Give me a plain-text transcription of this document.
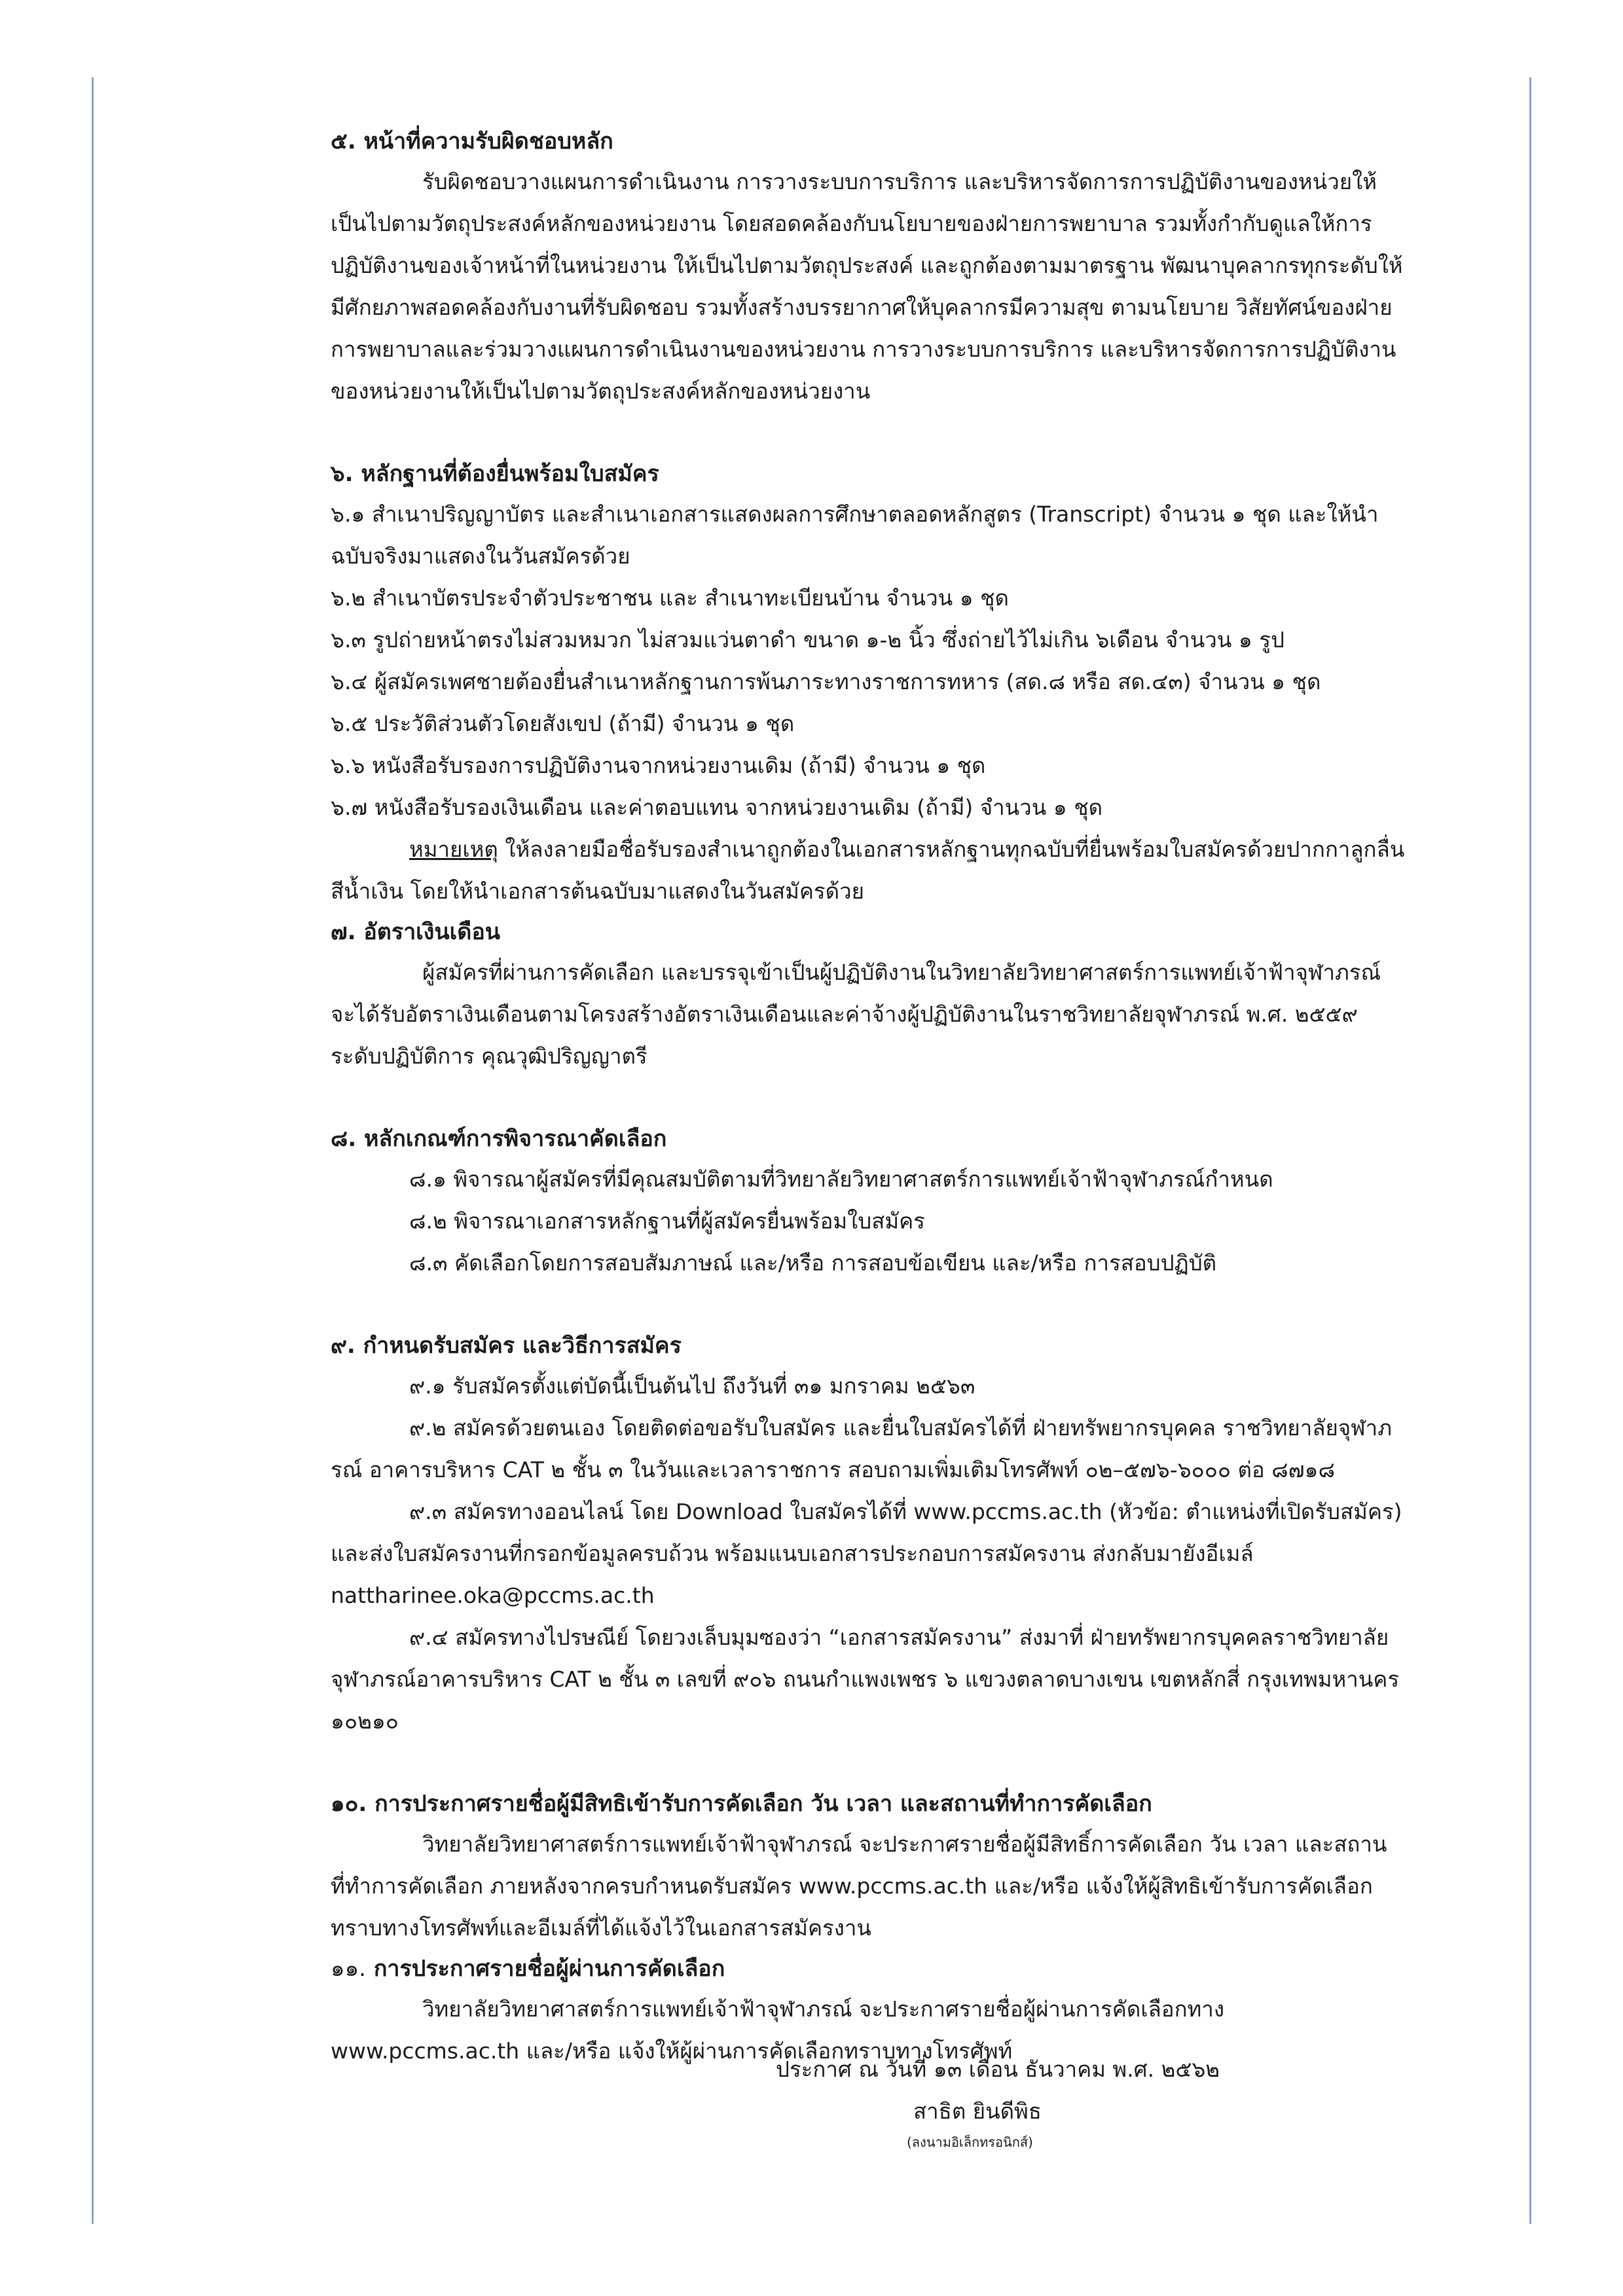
๕. หน้าที่ความรับผิดชอบหลัก

รับผิดชอบวางแผนการดำเนินงาน การวางระบบการบริการ และบริหารจัดการการปฏิบัติงานของหน่วยให้เป็นไปตามวัตถุประสงค์หลักของหน่วยงาน โดยสอดคล้องกับนโยบายของฝ่ายการพยาบาล รวมทั้งกำกับดูแลให้การปฏิบัติงานของเจ้าหน้าที่ในหน่วยงาน ให้เป็นไปตามวัตถุประสงค์ และถูกต้องตามมาตรฐาน พัฒนาบุคลากรทุกระดับให้มีศักยภาพสอดคล้องกับงานที่รับผิดชอบ รวมทั้งสร้างบรรยากาศให้บุคลากรมีความสุข ตามนโยบาย วิสัยทัศน์ของฝ่ายการพยาบาลและร่วมวางแผนการดำเนินงานของหน่วยงาน การวางระบบการบริการ และบริหารจัดการการปฏิบัติงานของหน่วยงานให้เป็นไปตามวัตถุประสงค์หลักของหน่วยงาน

๖. หลักฐานที่ต้องยื่นพร้อมใบสมัคร

๖.๑ สำเนาปริญญาบัตร และสำเนาเอกสารแสดงผลการศึกษาตลอดหลักสูตร (Transcript) จำนวน ๑ ชุด และให้นำฉบับจริงมาแสดงในวันสมัครด้วย

๖.๒ สำเนาบัตรประจำตัวประชาชน และ สำเนาทะเบียนบ้าน จำนวน ๑ ชุด

๖.๓ รูปถ่ายหน้าตรงไม่สวมหมวก ไม่สวมแว่นตาดำ ขนาด ๑-๒ นิ้ว ซึ่งถ่ายไว้ไม่เกิน ๖เดือน จำนวน ๑ รูป

๖.๔ ผู้สมัครเพศชายต้องยื่นสำเนาหลักฐานการพ้นภาระทางราชการทหาร (สด.๘ หรือ สด.๔๓) จำนวน ๑ ชุด

๖.๕ ประวัติส่วนตัวโดยสังเขป (ถ้ามี) จำนวน ๑ ชุด

๖.๖ หนังสือรับรองการปฏิบัติงานจากหน่วยงานเดิม (ถ้ามี) จำนวน ๑ ชุด

๖.๗ หนังสือรับรองเงินเดือน และค่าตอบแทน จากหน่วยงานเดิม (ถ้ามี) จำนวน ๑ ชุด

หมายเหตุ ให้ลงลายมือชื่อรับรองสำเนาถูกต้องในเอกสารหลักฐานทุกฉบับที่ยื่นพร้อมใบสมัครด้วยปากกาลูกลื่นสีน้ำเงิน โดยให้นำเอกสารต้นฉบับมาแสดงในวันสมัครด้วย

๗. อัตราเงินเดือน

ผู้สมัครที่ผ่านการคัดเลือก และบรรจุเข้าเป็นผู้ปฏิบัติงานในวิทยาลัยวิทยาศาสตร์การแพทย์เจ้าฟ้าจุฬาภรณ์ จะได้รับอัตราเงินเดือนตามโครงสร้างอัตราเงินเดือนและค่าจ้างผู้ปฏิบัติงานในราชวิทยาลัยจุฬาภรณ์ พ.ศ. ๒๕๕๙ ระดับปฏิบัติการ คุณวุฒิปริญญาตรี

๘. หลักเกณฑ์การพิจารณาคัดเลือก

๘.๑ พิจารณาผู้สมัครที่มีคุณสมบัติตามที่วิทยาลัยวิทยาศาสตร์การแพทย์เจ้าฟ้าจุฬาภรณ์กำหนด

๘.๒ พิจารณาเอกสารหลักฐานที่ผู้สมัครยื่นพร้อมใบสมัคร

๘.๓ คัดเลือกโดยการสอบสัมภาษณ์ และ/หรือ การสอบข้อเขียน และ/หรือ การสอบปฏิบัติ

๙. กำหนดรับสมัคร และวิธีการสมัคร

๙.๑ รับสมัครตั้งแต่บัดนี้เป็นต้นไป ถึงวันที่ ๓๑ มกราคม ๒๕๖๓

๙.๒ สมัครด้วยตนเอง โดยติดต่อขอรับใบสมัคร และยื่นใบสมัครได้ที่ ฝ่ายทรัพยากรบุคคล ราชวิทยาลัยจุฬาภรณ์ อาคารบริหาร CAT ๒ ชั้น ๓ ในวันและเวลาราชการ สอบถามเพิ่มเติมโทรศัพท์ ๐๒–๕๗๖-๖๐๐๐ ต่อ ๘๗๑๘

๙.๓ สมัครทางออนไลน์ โดย Download ใบสมัครได้ที่ www.pccms.ac.th (หัวข้อ: ตำแหน่งที่เปิดรับสมัคร) และส่งใบสมัครงานที่กรอกข้อมูลครบถ้วน พร้อมแนบเอกสารประกอบการสมัครงาน ส่งกลับมายังอีเมล์ nattharinee.oka@pccms.ac.th

๙.๔ สมัครทางไปรษณีย์ โดยวงเล็บมุมซองว่า “เอกสารสมัครงาน” ส่งมาที่ ฝ่ายทรัพยากรบุคคลราชวิทยาลัยจุฬาภรณ์อาคารบริหาร CAT ๒ ชั้น ๓ เลขที่ ๙๐๖ ถนนกำแพงเพชร ๖ แขวงตลาดบางเขน เขตหลักสี่ กรุงเทพมหานคร ๑๐๒๑๐

๑๐. การประกาศรายชื่อผู้มีสิทธิเข้ารับการคัดเลือก วัน เวลา และสถานที่ทำการคัดเลือก

วิทยาลัยวิทยาศาสตร์การแพทย์เจ้าฟ้าจุฬาภรณ์ จะประกาศรายชื่อผู้มีสิทธิ์การคัดเลือก วัน เวลา และสถานที่ทำการคัดเลือก ภายหลังจากครบกำหนดรับสมัคร www.pccms.ac.th และ/หรือ แจ้งให้ผู้สิทธิเข้ารับการคัดเลือกทราบทางโทรศัพท์และอีเมล์ที่ได้แจ้งไว้ในเอกสารสมัครงาน

๑๑. การประกาศรายชื่อผู้ผ่านการคัดเลือก

วิทยาลัยวิทยาศาสตร์การแพทย์เจ้าฟ้าจุฬาภรณ์ จะประกาศรายชื่อผู้ผ่านการคัดเลือกทาง www.pccms.ac.th และ/หรือ แจ้งให้ผู้ผ่านการคัดเลือกทราบทางโทรศัพท์

ประกาศ ณ วันที่ ๑๓ เดือน ธันวาคม พ.ศ. ๒๕๖๒
สาธิต ยินดีพิธ
(ลงนามอิเล็กทรอนิกส์)
